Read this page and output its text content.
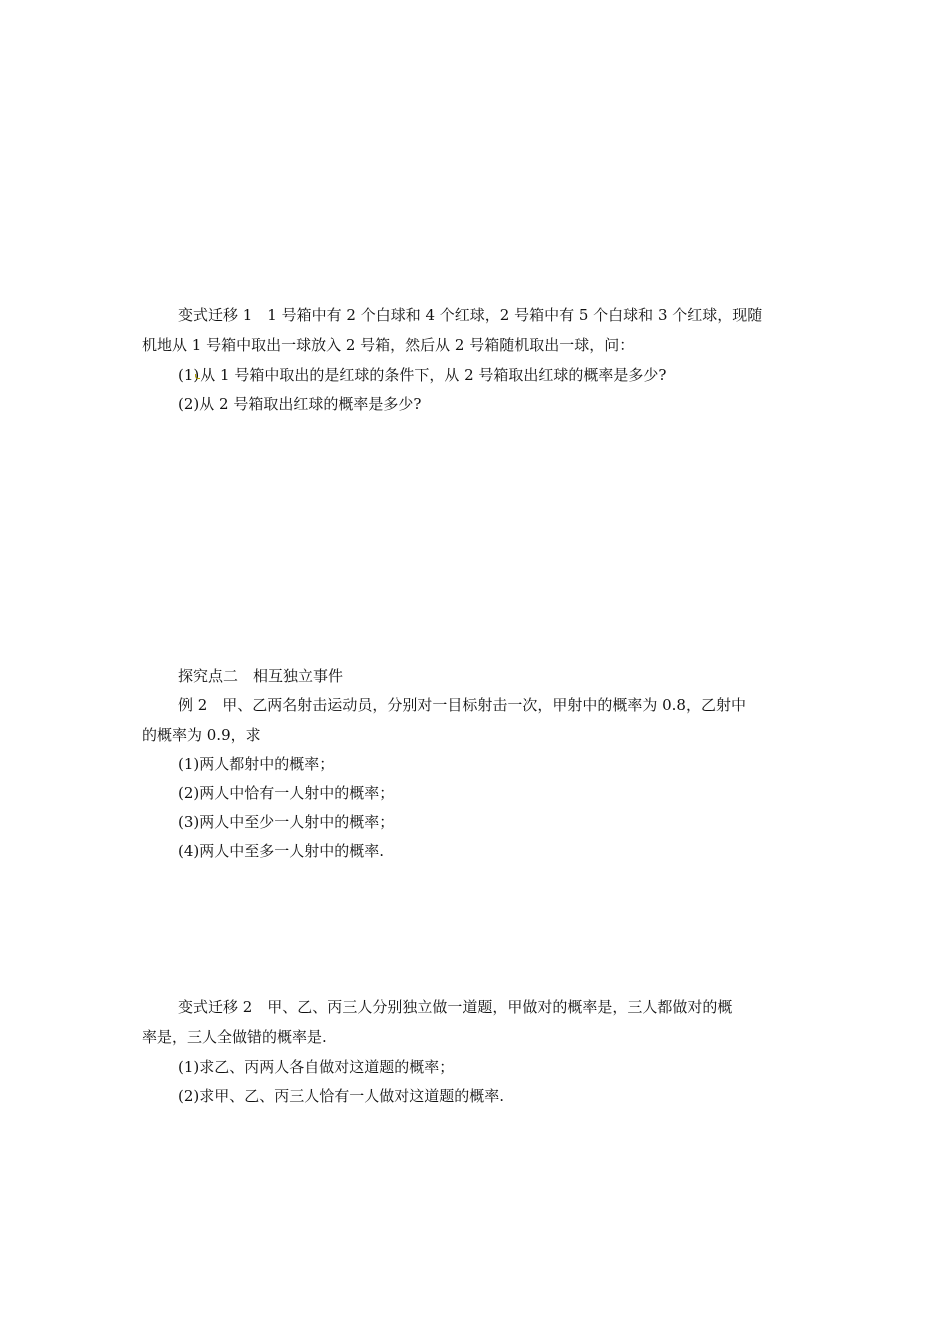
变式迁移 1　1 号箱中有 2 个白球和 4 个红球，2 号箱中有 5 个白球和 3 个红球，现随
机地从 1 号箱中取出一球放入 2 号箱，然后从 2 号箱随机取出一球，问：
(1)从 1 号箱中取出的是红球的条件下，从 2 号箱取出红球的概率是多少?
(2)从 2 号箱取出红球的概率是多少?
探究点二　相互独立事件
例 2　甲、乙两名射击运动员，分别对一目标射击一次，甲射中的概率为 0.8，乙射中
的概率为 0.9，求
(1)两人都射中的概率；
(2)两人中恰有一人射中的概率；
(3)两人中至少一人射中的概率；
(4)两人中至多一人射中的概率.
变式迁移 2　甲、乙、丙三人分别独立做一道题，甲做对的概率是，三人都做对的概
率是，三人全做错的概率是.
(1)求乙、丙两人各自做对这道题的概率；
(2)求甲、乙、丙三人恰有一人做对这道题的概率.
